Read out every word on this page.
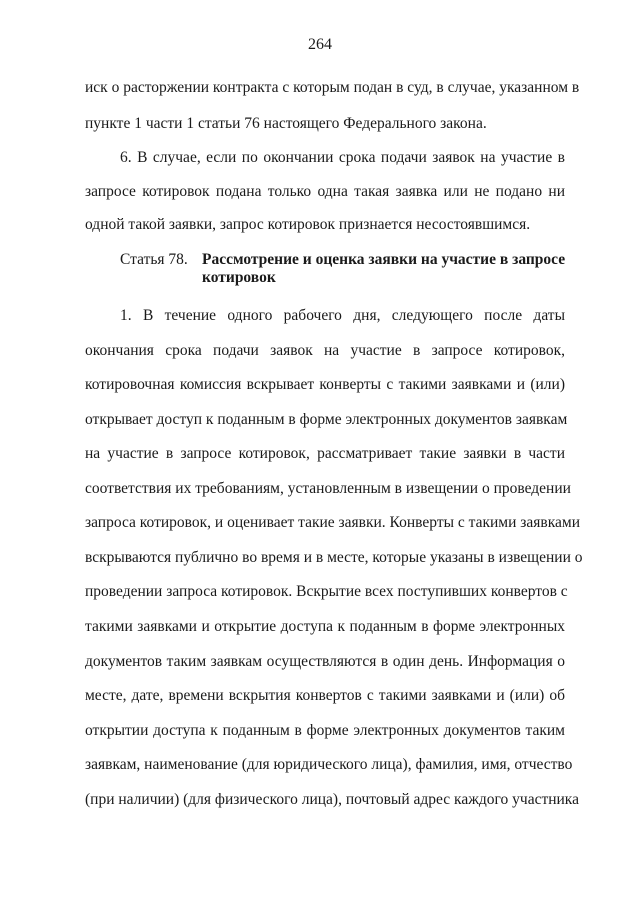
264
иск о расторжении контракта с которым подан в суд, в случае, указанном в
пункте 1 части 1 статьи 76 настоящего Федерального закона.
6. В случае, если по окончании срока подачи заявок на участие в
запросе котировок подана только одна такая заявка или не подано ни
одной такой заявки, запрос котировок признается несостоявшимся.
Статья 78. Рассмотрение и оценка заявки на участие в запросе
котировок
1. В течение одного рабочего дня, следующего после даты
окончания срока подачи заявок на участие в запросе котировок,
котировочная комиссия вскрывает конверты с такими заявками и (или)
открывает доступ к поданным в форме электронных документов заявкам
на участие в запросе котировок, рассматривает такие заявки в части
соответствия их требованиям, установленным в извещении о проведении
запроса котировок, и оценивает такие заявки. Конверты с такими заявками
вскрываются публично во время и в месте, которые указаны в извещении о
проведении запроса котировок. Вскрытие всех поступивших конвертов с
такими заявками и открытие доступа к поданным в форме электронных
документов таким заявкам осуществляются в один день. Информация о
месте, дате, времени вскрытия конвертов с такими заявками и (или) об
открытии доступа к поданным в форме электронных документов таким
заявкам, наименование (для юридического лица), фамилия, имя, отчество
(при наличии) (для физического лица), почтовый адрес каждого участника
